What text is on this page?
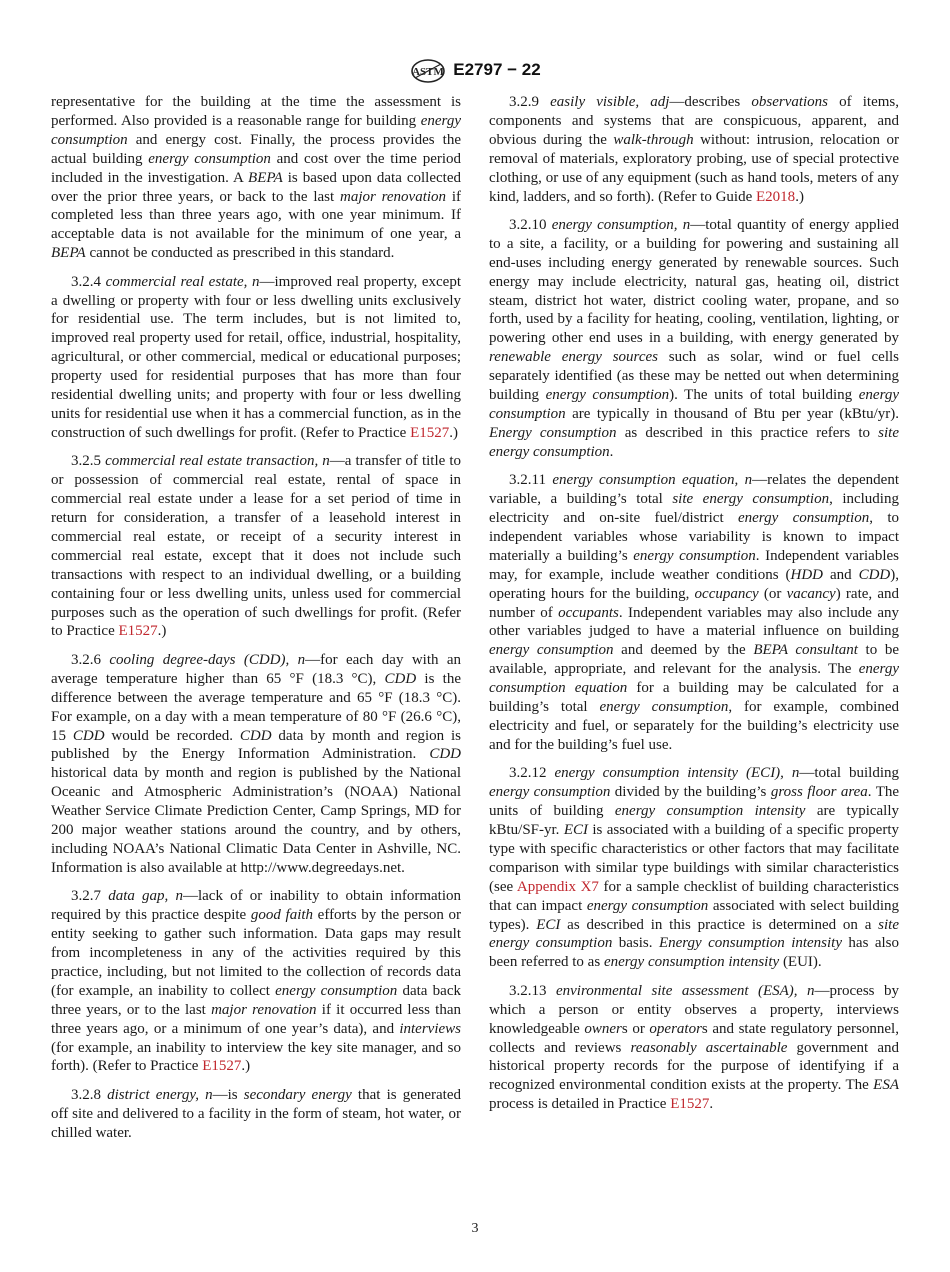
ASTM E2797 − 22

representative for the building at the time the assessment is performed. Also provided is a reasonable range for building energy consumption and energy cost. Finally, the process provides the actual building energy consumption and cost over the time period included in the investigation. A BEPA is based upon data collected over the prior three years, or back to the last major renovation if completed less than three years ago, with one year minimum. If acceptable data is not available for the minimum of one year, a BEPA cannot be conducted as prescribed in this standard.

3.2.4 commercial real estate, n—improved real property, except a dwelling or property with four or less dwelling units exclusively for residential use. The term includes, but is not limited to, improved real property used for retail, office, industrial, hospitality, agricultural, or other commercial, medical or educational purposes; property used for residential purposes that has more than four residential dwelling units; and property with four or less dwelling units for residential use when it has a commercial function, as in the construction of such dwellings for profit. (Refer to Practice E1527.)

3.2.5 commercial real estate transaction, n—a transfer of title to or possession of commercial real estate, rental of space in commercial real estate under a lease for a set period of time in return for consideration, a transfer of a leasehold interest in commercial real estate, or receipt of a security interest in commercial real estate, except that it does not include such transactions with respect to an individual dwelling, or a building containing four or less dwelling units, unless used for commercial purposes such as the operation of such dwellings for profit. (Refer to Practice E1527.)

3.2.6 cooling degree-days (CDD), n—for each day with an average temperature higher than 65 °F (18.3 °C), CDD is the difference between the average temperature and 65 °F (18.3 °C). For example, on a day with a mean temperature of 80 °F (26.6 °C), 15 CDD would be recorded. CDD data by month and region is published by the Energy Information Administration. CDD historical data by month and region is published by the National Oceanic and Atmospheric Administration’s (NOAA) National Weather Service Climate Prediction Center, Camp Springs, MD for 200 major weather stations around the country, and by others, including NOAA’s National Climatic Data Center in Ashville, NC. Information is also available at http://www.degreedays.net.

3.2.7 data gap, n—lack of or inability to obtain information required by this practice despite good faith efforts by the person or entity seeking to gather such information. Data gaps may result from incompleteness in any of the activities required by this practice, including, but not limited to the collection of records data (for example, an inability to collect energy consumption data back three years, or to the last major renovation if it occurred less than three years ago, or a minimum of one year’s data), and interviews (for example, an inability to interview the key site manager, and so forth). (Refer to Practice E1527.)

3.2.8 district energy, n—is secondary energy that is generated off site and delivered to a facility in the form of steam, hot water, or chilled water.

3.2.9 easily visible, adj—describes observations of items, components and systems that are conspicuous, apparent, and obvious during the walk-through without: intrusion, relocation or removal of materials, exploratory probing, use of special protective clothing, or use of any equipment (such as hand tools, meters of any kind, ladders, and so forth). (Refer to Guide E2018.)

3.2.10 energy consumption, n—total quantity of energy applied to a site, a facility, or a building for powering and sustaining all end-uses including energy generated by renewable sources. Such energy may include electricity, natural gas, heating oil, district steam, district hot water, district cooling water, propane, and so forth, used by a facility for heating, cooling, ventilation, lighting, or powering other end uses in a building, with energy generated by renewable energy sources such as solar, wind or fuel cells separately identified (as these may be netted out when determining building energy consumption). The units of total building energy consumption are typically in thousand of Btu per year (kBtu/yr). Energy consumption as described in this practice refers to site energy consumption.

3.2.11 energy consumption equation, n—relates the dependent variable, a building’s total site energy consumption, including electricity and on-site fuel/district energy consumption, to independent variables whose variability is known to impact materially a building’s energy consumption. Independent variables may, for example, include weather conditions (HDD and CDD), operating hours for the building, occupancy (or vacancy) rate, and number of occupants. Independent variables may also include any other variables judged to have a material influence on building energy consumption and deemed by the BEPA consultant to be available, appropriate, and relevant for the analysis. The energy consumption equation for a building may be calculated for a building’s total energy consumption, for example, combined electricity and fuel, or separately for the building’s electricity use and for the building’s fuel use.

3.2.12 energy consumption intensity (ECI), n—total building energy consumption divided by the building’s gross floor area. The units of building energy consumption intensity are typically kBtu/SF-yr. ECI is associated with a building of a specific property type with specific characteristics or other factors that may facilitate comparison with similar type buildings with similar characteristics (see Appendix X7 for a sample checklist of building characteristics that can impact energy consumption associated with select building types). ECI as described in this practice is determined on a site energy consumption basis. Energy consumption intensity has also been referred to as energy consumption intensity (EUI).

3.2.13 environmental site assessment (ESA), n—process by which a person or entity observes a property, interviews knowledgeable owners or operators and state regulatory personnel, collects and reviews reasonably ascertainable government and historical property records for the purpose of identifying if a recognized environmental condition exists at the property. The ESA process is detailed in Practice E1527.

3
